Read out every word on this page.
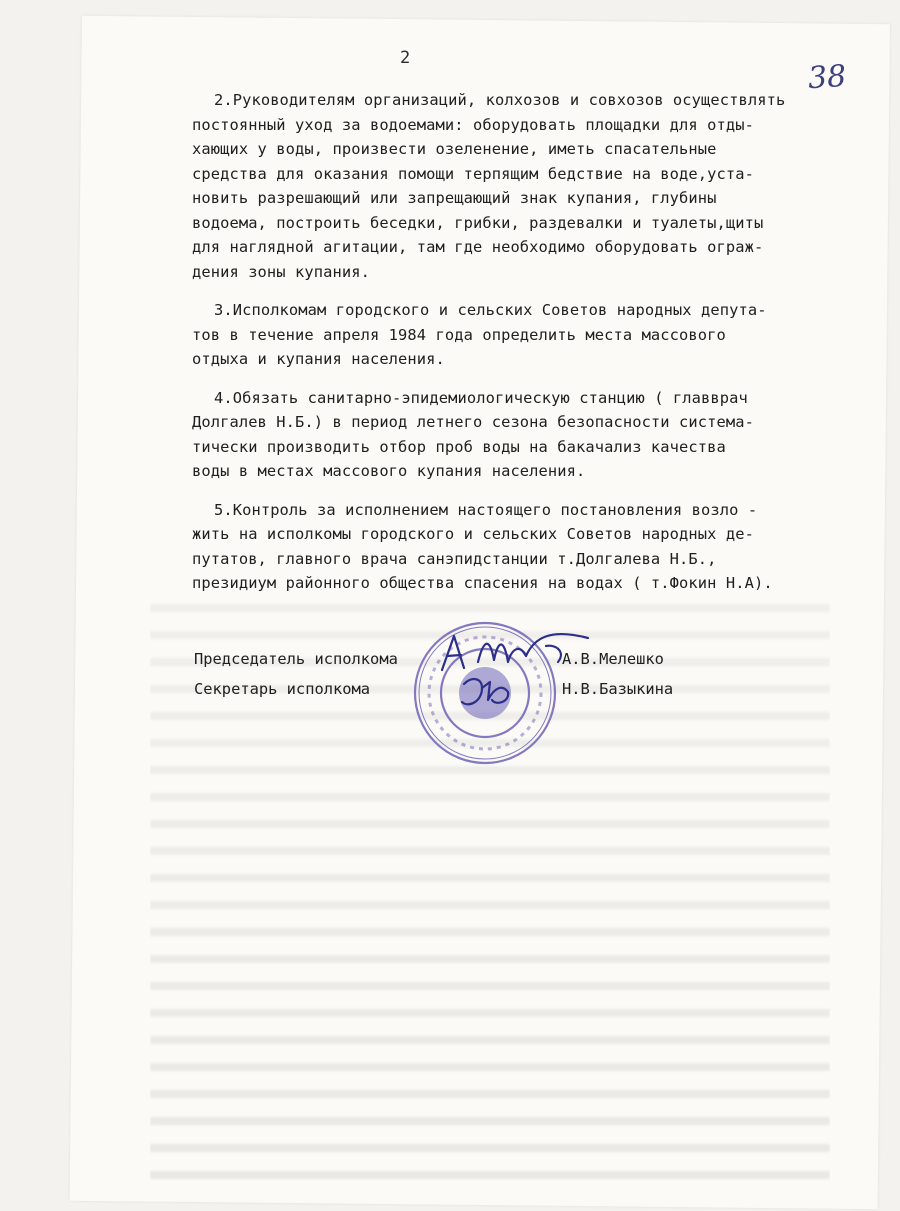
2
38

2.Руководителям организаций, колхозов и совхозов осуществлять
постоянный уход за водоемами: оборудовать площадки для отды-
хающих у воды, произвести озеленение, иметь спасательные
средства для оказания помощи терпящим бедствие на воде,уста-
новить разрешающий или запрещающий знак купания, глубины
водоема, построить беседки, грибки, раздевалки и туалеты,щиты
для наглядной агитации, там где необходимо оборудовать ограж-
дения зоны купания.

3.Исполкомам городского и сельских Советов народных депута-
тов в течение апреля 1984 года определить места массового
отдыха и купания населения.

4.Обязать санитарно-эпидемиологическую станцию ( главврач
Долгалев Н.Б.) в период летнего сезона безопасности система-
тически производить отбор проб воды на бакачализ качества
воды в местах массового купания населения.

5.Контроль за исполнением настоящего постановления возло -
жить на исполкомы городского и сельских Советов народных де-
путатов, главного врача санэпидстанции т.Долгалева Н.Б.,
президиум районного общества спасения на водах ( т.Фокин Н.А).

Председатель исполкома	А.В.Мелешко
Секретарь исполкома	Н.В.Базыкина
